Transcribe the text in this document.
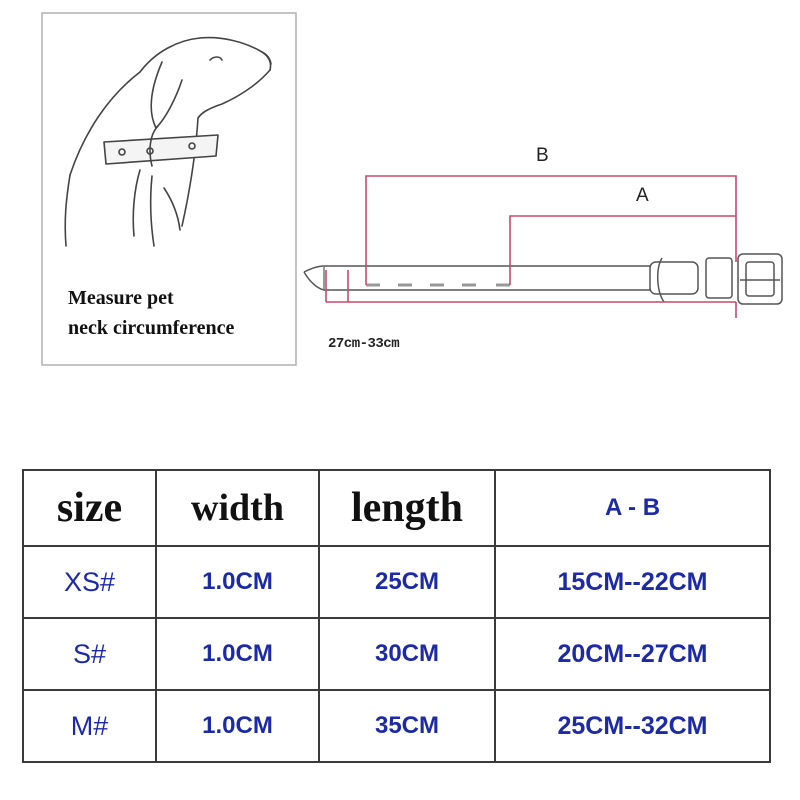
Measure pet
neck circumference
B
A
27cm-33cm
size	width	length	A - B
XS#	1.0CM	25CM	15CM--22CM
S#	1.0CM	30CM	20CM--27CM
M#	1.0CM	35CM	25CM--32CM
